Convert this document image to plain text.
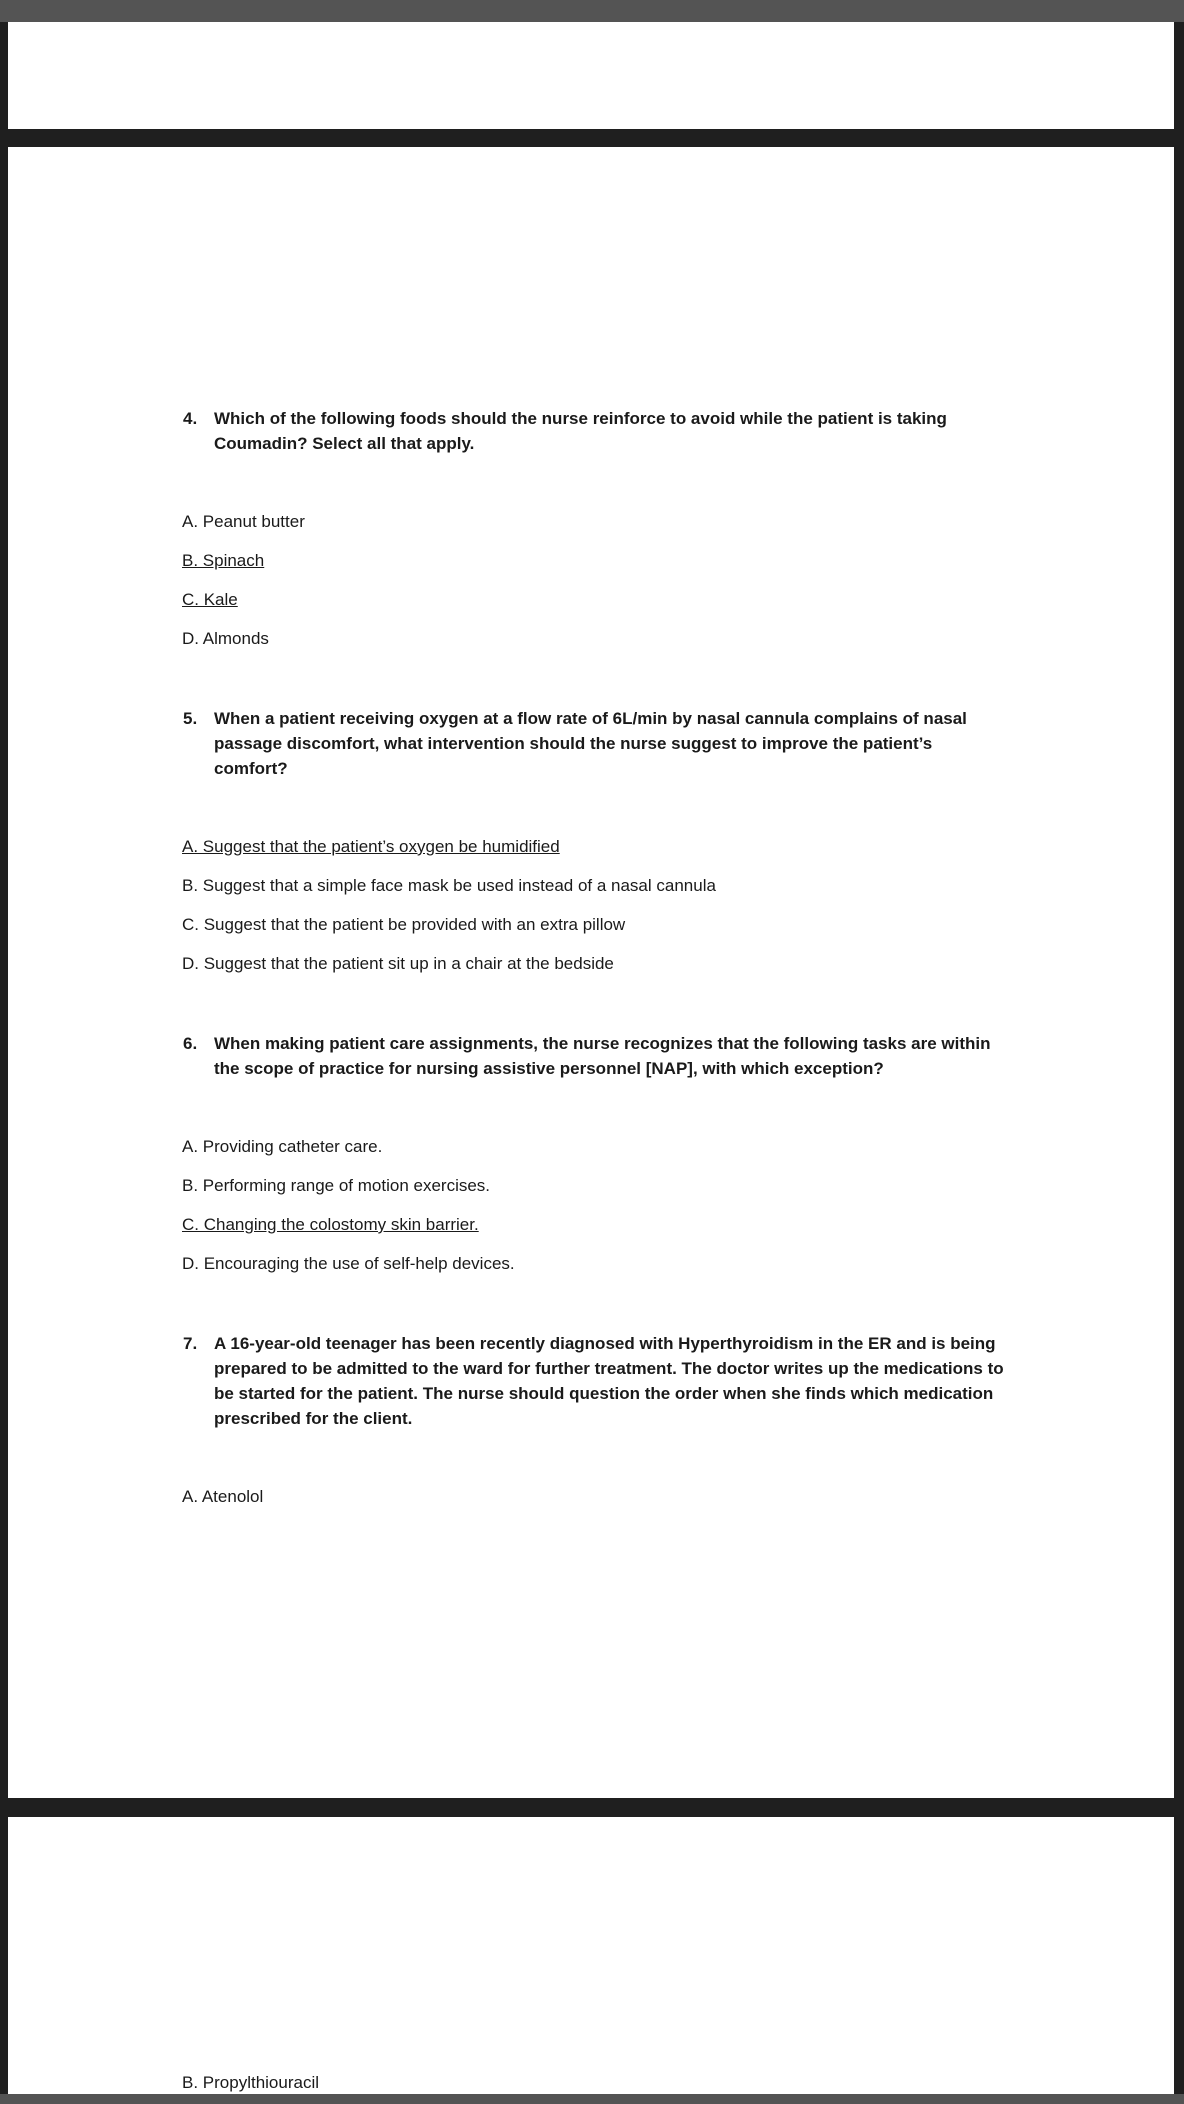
4. Which of the following foods should the nurse reinforce to avoid while the patient is taking Coumadin? Select all that apply.
A. Peanut butter
B. Spinach
C. Kale
D. Almonds
5. When a patient receiving oxygen at a flow rate of 6L/min by nasal cannula complains of nasal passage discomfort, what intervention should the nurse suggest to improve the patient’s comfort?
A. Suggest that the patient’s oxygen be humidified
B. Suggest that a simple face mask be used instead of a nasal cannula
C. Suggest that the patient be provided with an extra pillow
D. Suggest that the patient sit up in a chair at the bedside
6. When making patient care assignments, the nurse recognizes that the following tasks are within the scope of practice for nursing assistive personnel [NAP], with which exception?
A. Providing catheter care.
B. Performing range of motion exercises.
C. Changing the colostomy skin barrier.
D. Encouraging the use of self-help devices.
7. A 16-year-old teenager has been recently diagnosed with Hyperthyroidism in the ER and is being prepared to be admitted to the ward for further treatment. The doctor writes up the medications to be started for the patient. The nurse should question the order when she finds which medication prescribed for the client.
A. Atenolol
B. Propylthiouracil
